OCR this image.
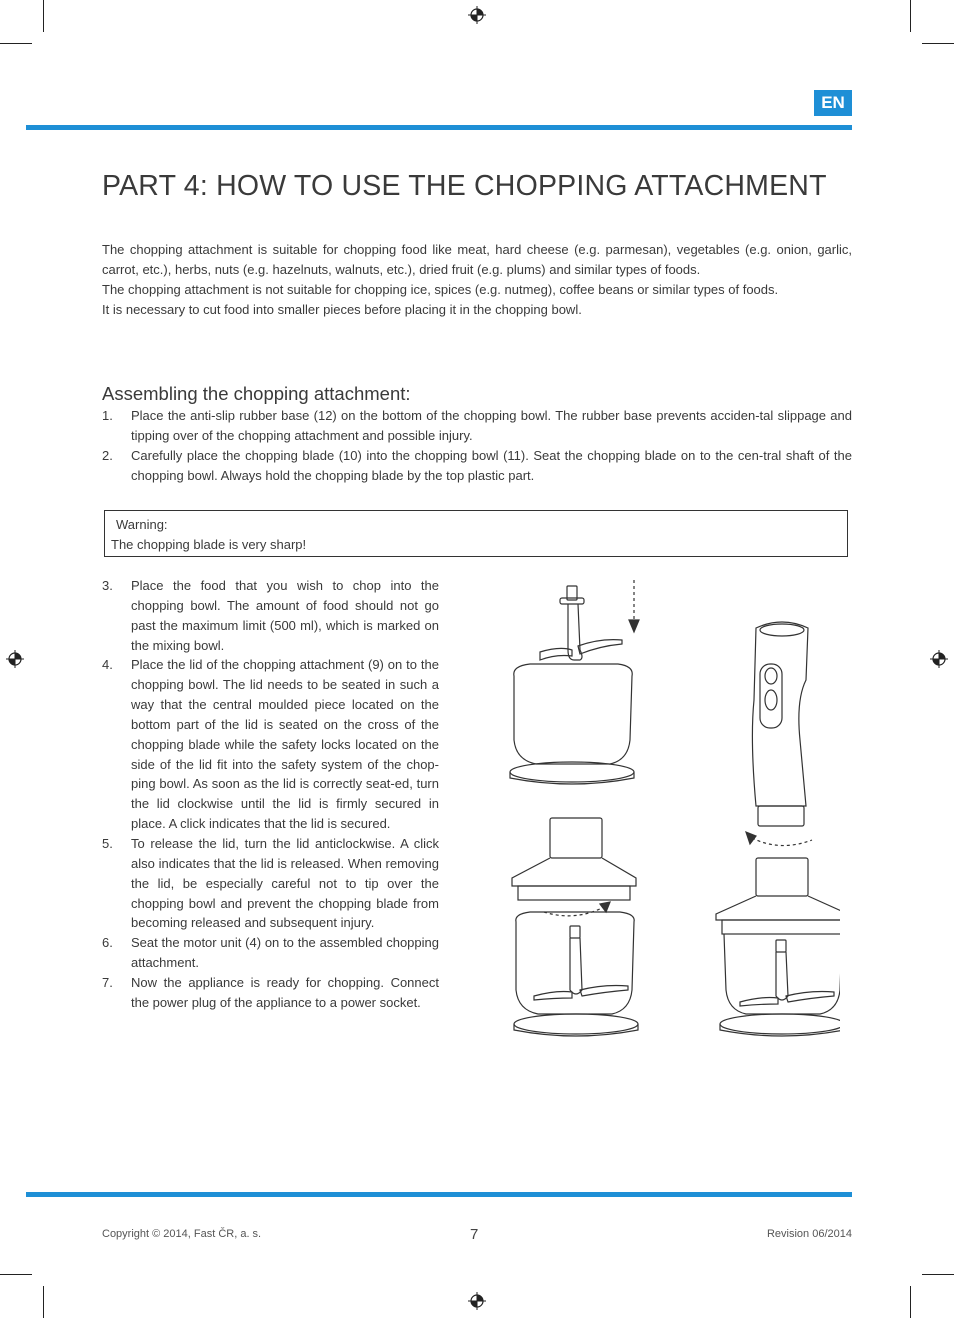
EN
PART 4: HOW TO USE THE CHOPPING ATTACHMENT

The chopping attachment is suitable for chopping food like meat, hard cheese (e.g. parmesan), vegetables (e.g. onion, garlic, carrot, etc.), herbs, nuts (e.g. hazelnuts, walnuts, etc.), dried fruit (e.g. plums) and similar types of foods.

The chopping attachment is not suitable for chopping ice, spices (e.g. nutmeg), coffee beans or similar types of foods.

It is necessary to cut food into smaller pieces before placing it in the chopping bowl.

Assembling the chopping attachment:
1. Place the anti-slip rubber base (12) on the bottom of the chopping bowl. The rubber base prevents acciden-tal slippage and tipping over of the chopping attachment and possible injury.
2. Carefully place the chopping blade (10) into the chopping bowl (11). Seat the chopping blade on to the cen-tral shaft of the chopping bowl. Always hold the chopping blade by the top plastic part.
Warning:
The chopping blade is very sharp!
3. Place the food that you wish to chop into the chopping bowl. The amount of food should not go past the maximum limit (500 ml), which is marked on the mixing bowl.
4. Place the lid of the chopping attachment (9) on to the chopping bowl. The lid needs to be seated in such a way that the central moulded piece located on the bottom part of the lid is seated on the cross of the chopping blade while the safety locks located on the side of the lid fit into the safety system of the chop-ping bowl. As soon as the lid is correctly seat-ed, turn the lid clockwise until the lid is firmly secured in place. A click indicates that the lid is secured.
5. To release the lid, turn the lid anticlockwise. A click also indicates that the lid is released. When removing the lid, be especially careful not to tip over the chopping bowl and prevent the chopping blade from becoming released and subsequent injury.
6. Seat the motor unit (4) on to the assembled chopping attachment.
7. Now the appliance is ready for chopping. Connect the power plug of the appliance to a power socket.
Copyright © 2014, Fast ČR, a. s.	7	Revision 06/2014
